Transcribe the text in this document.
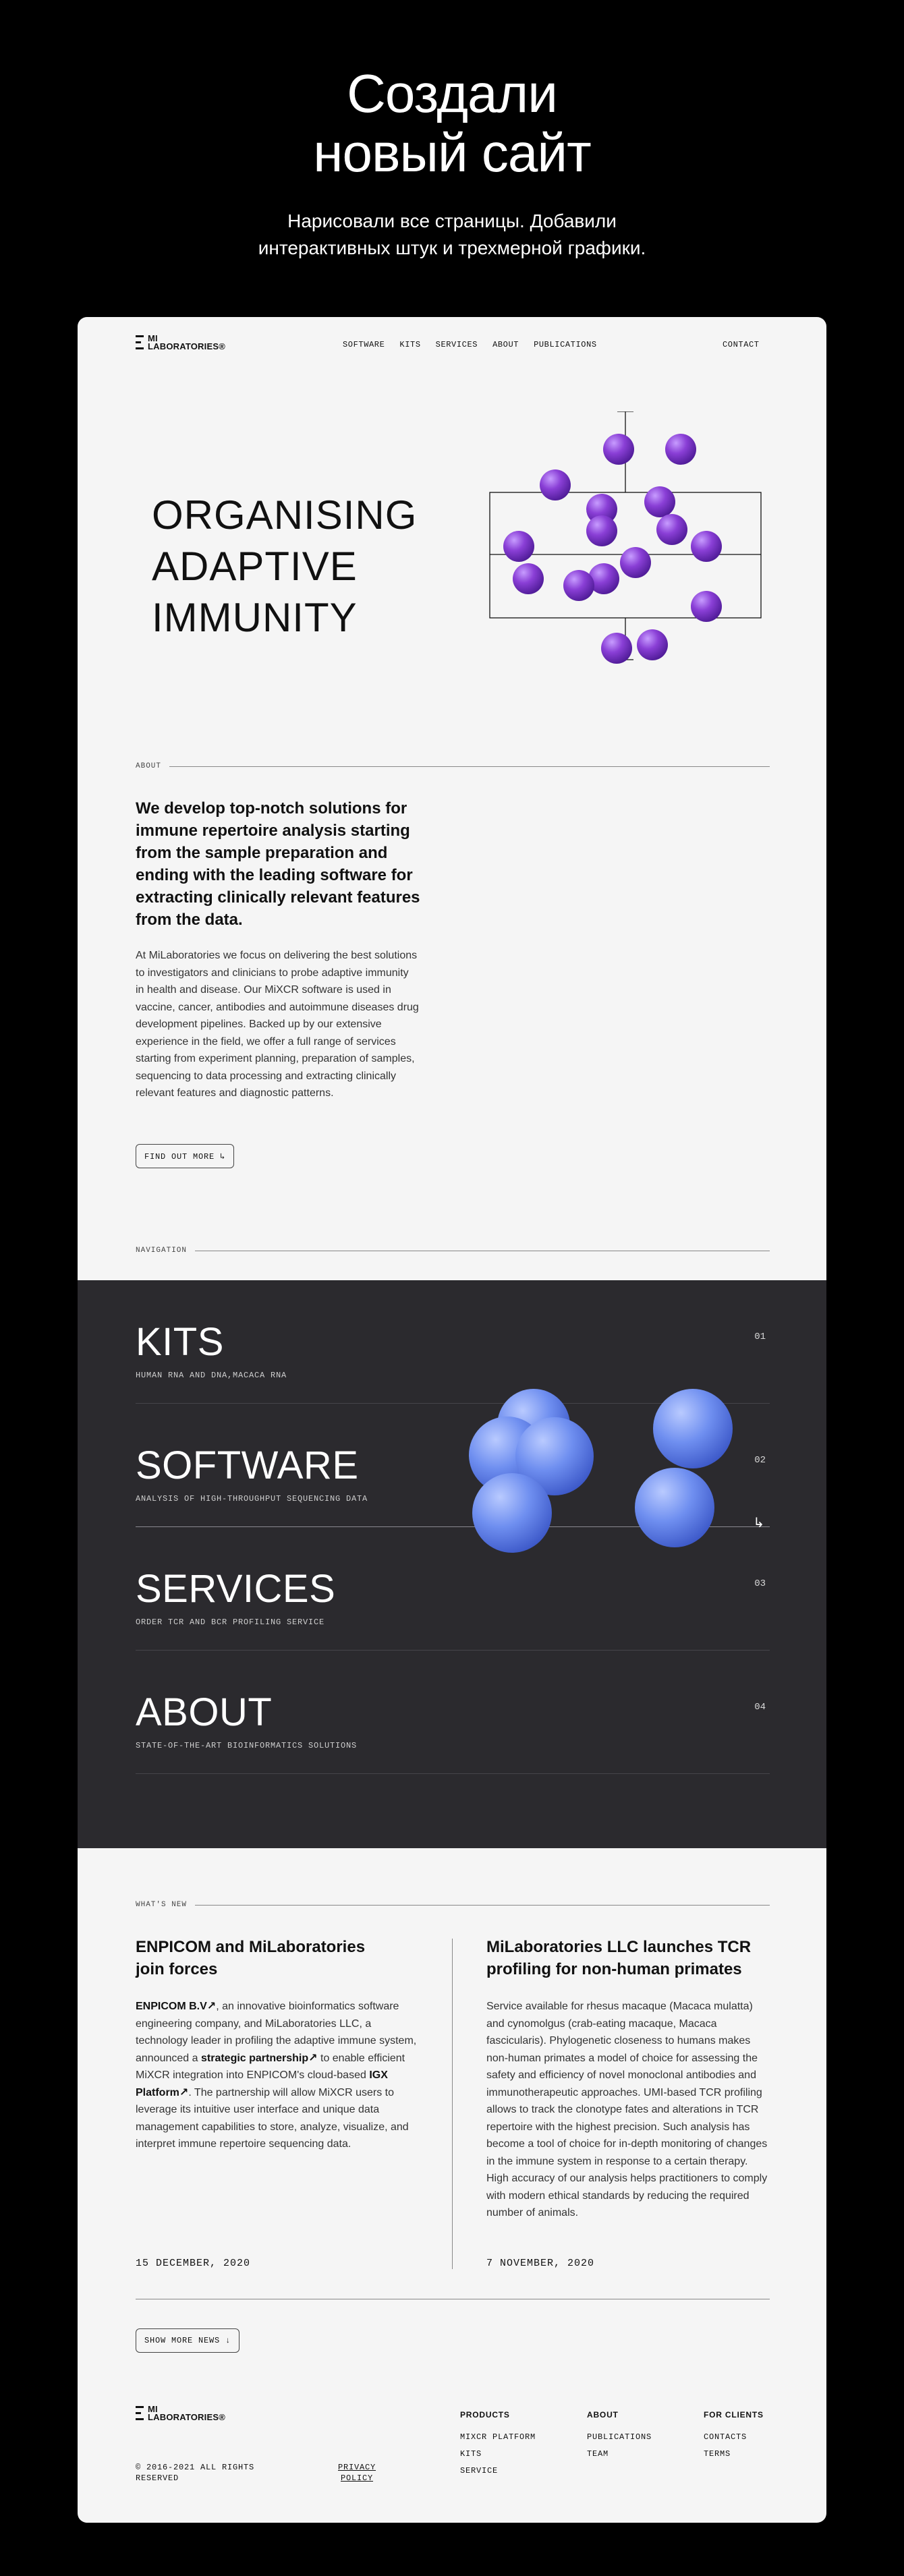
Создали
новый сайт
Нарисовали все страницы. Добавили
интерактивных штук и трехмерной графики.
MI
LABORATORIES®	SOFTWARE KITS SERVICES ABOUT PUBLICATIONS	CONTACT
ORGANISING
ADAPTIVE
IMMUNITY
ABOUT
We develop top-notch solutions for immune repertoire analysis starting from the sample preparation and ending with the leading software for extracting clinically relevant features from the data.
At MiLaboratories we focus on delivering the best solutions to investigators and clinicians to probe adaptive immunity in health and disease. Our MiXCR software is used in vaccine, cancer, antibodies and autoimmune diseases drug development pipelines. Backed up by our extensive experience in the field, we offer a full range of services starting from experiment planning, preparation of samples, sequencing to data processing and extracting clinically relevant features and diagnostic patterns.
FIND OUT MORE ↳
NAVIGATION
KITS
HUMAN RNA AND DNA,MACACA RNA
01
SOFTWARE
ANALYSIS OF HIGH-THROUGHPUT SEQUENCING DATA
02
↳
SERVICES
ORDER TCR AND BCR PROFILING SERVICE
03
ABOUT
STATE-OF-THE-ART BIOINFORMATICS SOLUTIONS
04
WHAT'S NEW
ENPICOM and MiLaboratories join forces
ENPICOM B.V↗, an innovative bioinformatics software engineering company, and MiLaboratories LLC, a technology leader in profiling the adaptive immune system, announced a strategic partnership↗ to enable efficient MiXCR integration into ENPICOM's cloud-based IGX Platform↗. The partnership will allow MiXCR users to leverage its intuitive user interface and unique data management capabilities to store, analyze, visualize, and interpret immune repertoire sequencing data.
15 DECEMBER, 2020
MiLaboratories LLC launches TCR profiling for non-human primates
Service available for rhesus macaque (Macaca mulatta) and cynomolgus (crab-eating macaque, Macaca fascicularis). Phylogenetic closeness to humans makes non-human primates a model of choice for assessing the safety and efficiency of novel monoclonal antibodies and immunotherapeutic approaches. UMI-based TCR profiling allows to track the clonotype fates and alterations in TCR repertoire with the highest precision. Such analysis has become a tool of choice for in-depth monitoring of changes in the immune system in response to a certain therapy. High accuracy of our analysis helps practitioners to comply with modern ethical standards by reducing the required number of animals.
7 NOVEMBER, 2020
SHOW MORE NEWS ↓
MI
LABORATORIES®
© 2016-2021 ALL RIGHTS
RESERVED
PRIVACY
POLICY
PRODUCTS
MIXCR PLATFORM
KITS
SERVICE
ABOUT
PUBLICATIONS
TEAM
FOR CLIENTS
CONTACTS
TERMS
